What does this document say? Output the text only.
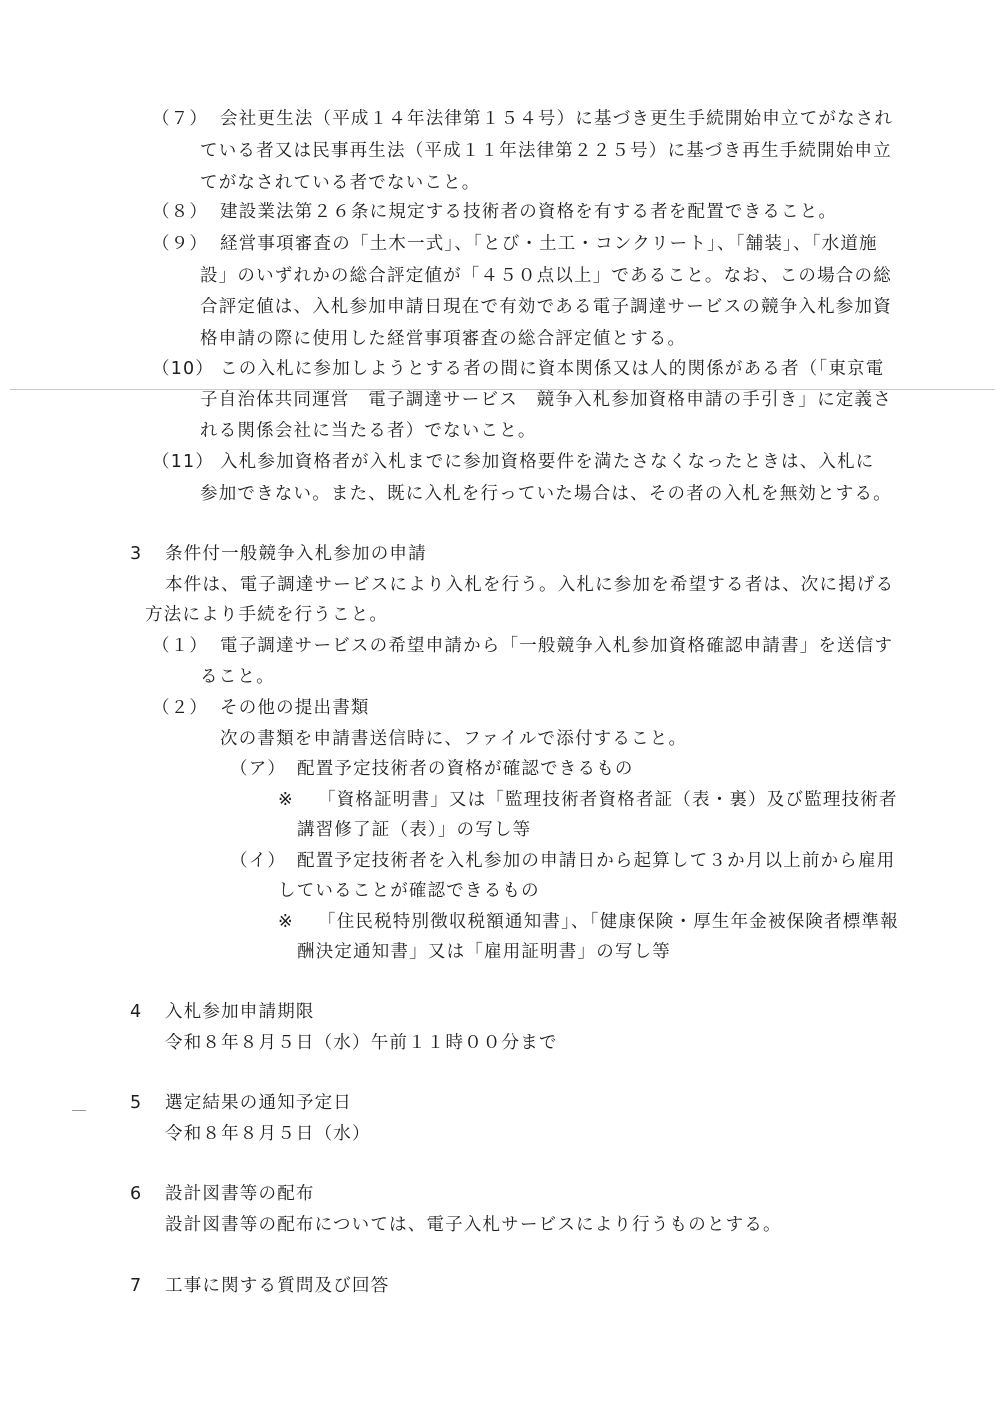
（７） 会社更生法（平成１４年法律第１５４号）に基づき更生手続開始申立てがなされ
ている者又は民事再生法（平成１１年法律第２２５号）に基づき再生手続開始申立
てがなされている者でないこと。
（８） 建設業法第２６条に規定する技術者の資格を有する者を配置できること。
（９） 経営事項審査の「土木一式」、「とび・土工・コンクリート」、「舗装」、「水道施
設」のいずれかの総合評定値が「４５０点以上」であること。なお、この場合の総
合評定値は、入札参加申請日現在で有効である電子調達サービスの競争入札参加資
格申請の際に使用した経営事項審査の総合評定値とする。
（10） この入札に参加しようとする者の間に資本関係又は人的関係がある者（「東京電
子自治体共同運営　電子調達サービス　競争入札参加資格申請の手引き」に定義さ
れる関係会社に当たる者）でないこと。
（11） 入札参加資格者が入札までに参加資格要件を満たさなくなったときは、入札に
参加できない。また、既に入札を行っていた場合は、その者の入札を無効とする。
3 条件付一般競争入札参加の申請
本件は、電子調達サービスにより入札を行う。入札に参加を希望する者は、次に掲げる
方法により手続を行うこと。
（１） 電子調達サービスの希望申請から「一般競争入札参加資格確認申請書」を送信す
ること。
（２） その他の提出書類
次の書類を申請書送信時に、ファイルで添付すること。
（ア） 配置予定技術者の資格が確認できるもの
※ 「資格証明書」又は「監理技術者資格者証（表・裏）及び監理技術者
講習修了証（表）」の写し等
（イ） 配置予定技術者を入札参加の申請日から起算して３か月以上前から雇用
していることが確認できるもの
※ 「住民税特別徴収税額通知書」、「健康保険・厚生年金被保険者標準報
酬決定通知書」又は「雇用証明書」の写し等
4 入札参加申請期限
令和８年８月５日（水）午前１１時００分まで
5 選定結果の通知予定日
令和８年８月５日（水）
6 設計図書等の配布
設計図書等の配布については、電子入札サービスにより行うものとする。
7 工事に関する質問及び回答
